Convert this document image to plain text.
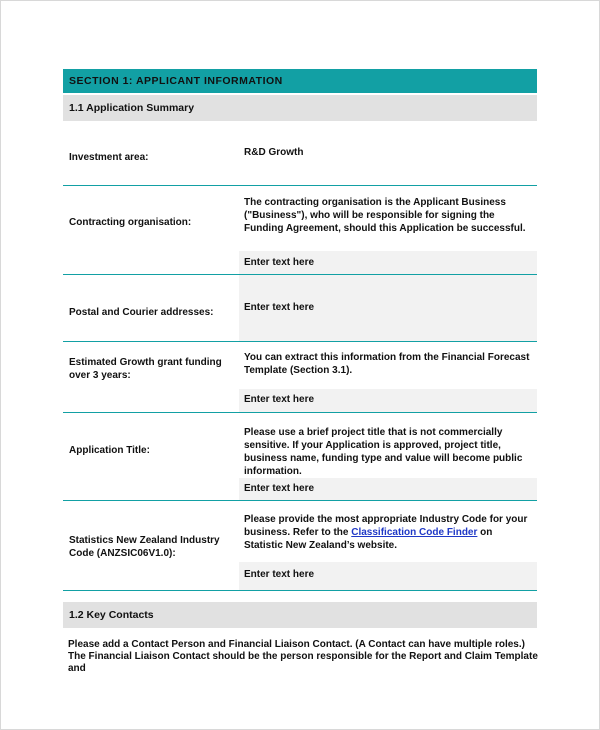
SECTION 1: APPLICANT INFORMATION
1.1 Application Summary
Investment area:	R&D Growth
Contracting organisation:
The contracting organisation is the Applicant Business ("Business"), who will be responsible for signing the Funding Agreement, should this Application be successful.
Enter text here
Postal and Courier addresses:	Enter text here
Estimated Growth grant funding over 3 years:
You can extract this information from the Financial Forecast Template (Section 3.1).
Enter text here
Application Title:
Please use a brief project title that is not commercially sensitive. If your Application is approved, project title, business name, funding type and value will become public information.
Enter text here
Statistics New Zealand Industry Code (ANZSIC06V1.0):
Please provide the most appropriate Industry Code for your business. Refer to the Classification Code Finder on Statistic New Zealand’s website.
Enter text here
1.2 Key Contacts
Please add a Contact Person and Financial Liaison Contact. (A Contact can have multiple roles.)
The Financial Liaison Contact should be the person responsible for the Report and Claim Template and
